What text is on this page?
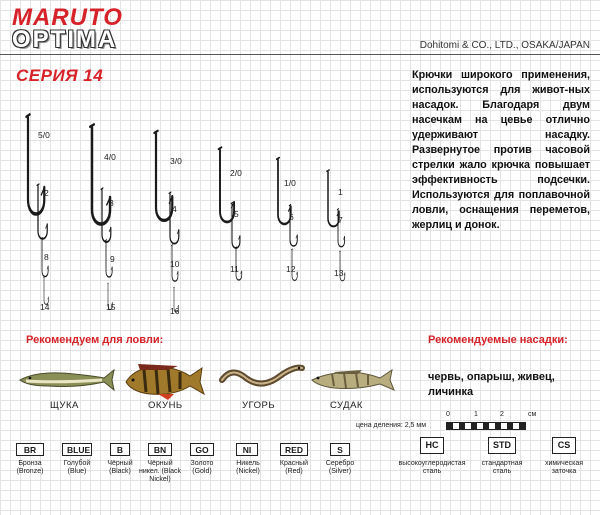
MARUTO
OPTIMA	Dohitomi & CO., LTD., OSAKA/JAPAN
СЕРИЯ 14	Крючки широкого применения, используются для живот-ных насадок. Благодаря двум насечкам на цевье отлично удерживают насадку. Развернутое против часовой стрелки жало крючка повышает эффективность подсечки. Используются для поплавочной ловли, оснащения переметов, жерлиц и донок.
5/0
2
8
14
4/0
3
9
15
3/0
4
10
16
2/0
5
11
1/0
6
12
1
7
13
Рекомендуем для ловли:
ЩУКА	ОКУНЬ	УГОРЬ	СУДАК
Рекомендуемые насадки:
червь, опарыш, живец, личинка
цена деления: 2,5 мм
0	1	2	см
BR
Бронза (Bronze)
BLUE
Голубой (Blue)
B
Чёрный (Black)
BN
Чёрный никел. (Black Nickel)
GO
Золото (Gold)
NI
Никель (Nickel)
RED
Красный (Red)
S
Серебро (Silver)
HC
высокоуглеродистая сталь
STD
стандартная сталь
CS
химическая заточка
